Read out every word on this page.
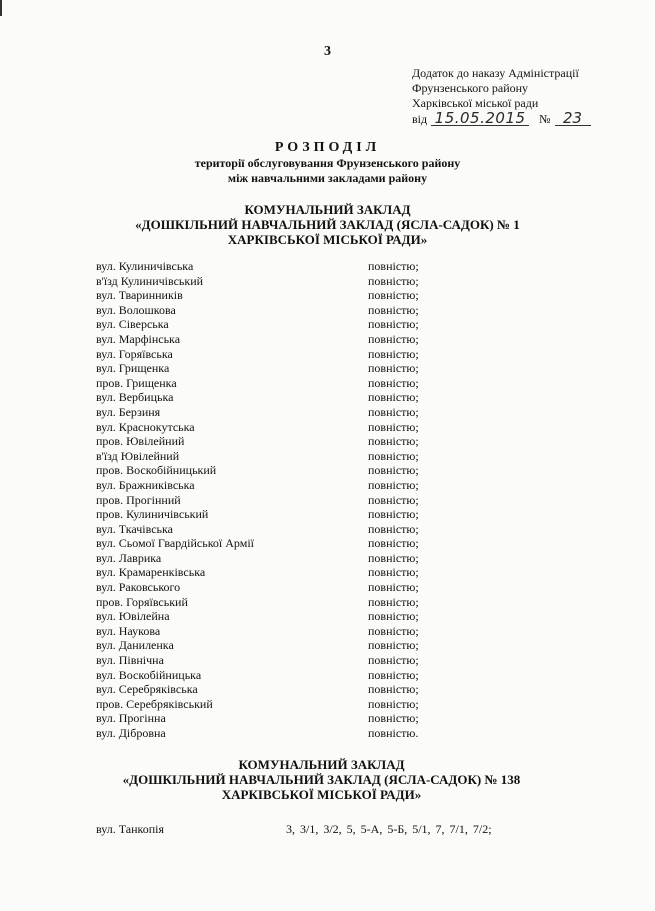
3
Додаток до наказу Адміністрації
Фрунзенського району
Харківської міської ради
від 15.05.2015 № 23
РОЗПОДІЛ
території обслуговування Фрунзенського району
між навчальними закладами району
КОМУНАЛЬНИЙ ЗАКЛАД
«ДОШКІЛЬНИЙ НАВЧАЛЬНИЙ ЗАКЛАД (ЯСЛА-САДОК) № 1
ХАРКІВСЬКОЇ МІСЬКОЇ РАДИ»
вул. Кулиничівська	повністю;
в'їзд Кулиничівський	повністю;
вул. Тваринників	повністю;
вул. Волошкова	повністю;
вул. Сіверська	повністю;
вул. Марфінська	повністю;
вул. Горяївська	повністю;
вул. Грищенка	повністю;
пров. Грищенка	повністю;
вул. Вербицька	повністю;
вул. Берзиня	повністю;
вул. Краснокутська	повністю;
пров. Ювілейний	повністю;
в'їзд Ювілейний	повністю;
пров. Воскобійницький	повністю;
вул. Бражниківська	повністю;
пров. Прогінний	повністю;
пров. Кулиничівський	повністю;
вул. Ткачівська	повністю;
вул. Сьомої Гвардійської Армії	повністю;
вул. Лаврика	повністю;
вул. Крамаренківська	повністю;
вул. Раковського	повністю;
пров. Горяївський	повністю;
вул. Ювілейна	повністю;
вул. Наукова	повністю;
вул. Даниленка	повністю;
вул. Північна	повністю;
вул. Воскобійницька	повністю;
вул. Серебряківська	повністю;
пров. Серебряківський	повністю;
вул. Прогінна	повністю;
вул. Дібровна	повністю.
КОМУНАЛЬНИЙ ЗАКЛАД
«ДОШКІЛЬНИЙ НАВЧАЛЬНИЙ ЗАКЛАД (ЯСЛА-САДОК) № 138
ХАРКІВСЬКОЇ МІСЬКОЇ РАДИ»
вул. Танкопія	3, 3/1, 3/2, 5, 5-А, 5-Б, 5/1, 7, 7/1, 7/2;
